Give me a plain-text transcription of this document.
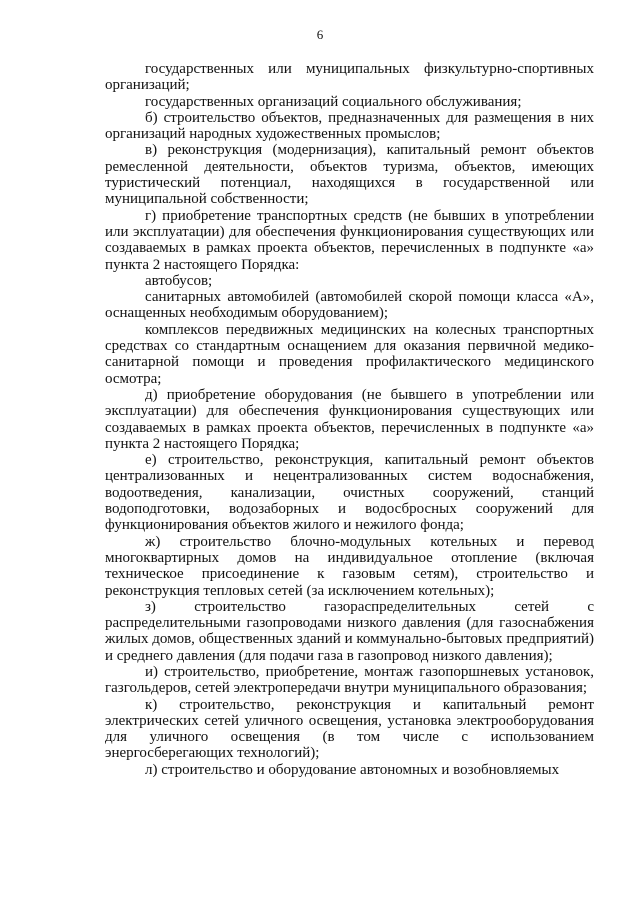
6

государственных или муниципальных физкультурно-спортивных организаций;

государственных организаций социального обслуживания;

б) строительство объектов, предназначенных для размещения в них организаций народных художественных промыслов;

в) реконструкция (модернизация), капитальный ремонт объектов ремесленной деятельности, объектов туризма, объектов, имеющих туристический потенциал, находящихся в государственной или муниципальной собственности;

г) приобретение транспортных средств (не бывших в употреблении или эксплуатации) для обеспечения функционирования существующих или создаваемых в рамках проекта объектов, перечисленных в подпункте «а» пункта 2 настоящего Порядка:

автобусов;

санитарных автомобилей (автомобилей скорой помощи класса «А», оснащенных необходимым оборудованием);

комплексов передвижных медицинских на колесных транспортных средствах со стандартным оснащением для оказания первичной медико-санитарной помощи и проведения профилактического медицинского осмотра;

д) приобретение оборудования (не бывшего в употреблении или эксплуатации) для обеспечения функционирования существующих или создаваемых в рамках проекта объектов, перечисленных в подпункте «а» пункта 2 настоящего Порядка;

е) строительство, реконструкция, капитальный ремонт объектов централизованных и нецентрализованных систем водоснабжения, водоотведения, канализации, очистных сооружений, станций водоподготовки, водозаборных и водосбросных сооружений для функционирования объектов жилого и нежилого фонда;

ж) строительство блочно-модульных котельных и перевод многоквартирных домов на индивидуальное отопление (включая техническое присоединение к газовым сетям), строительство и реконструкция тепловых сетей (за исключением котельных);

з) строительство газораспределительных сетей с распределительными газопроводами низкого давления (для газоснабжения жилых домов, общественных зданий и коммунально-бытовых предприятий) и среднего давления (для подачи газа в газопровод низкого давления);

и) строительство, приобретение, монтаж газопоршневых установок, газгольдеров, сетей электропередачи внутри муниципального образования;

к) строительство, реконструкция и капитальный ремонт электрических сетей уличного освещения, установка электрооборудования для уличного освещения (в том числе с использованием энергосберегающих технологий);

л) строительство и оборудование автономных и возобновляемых
